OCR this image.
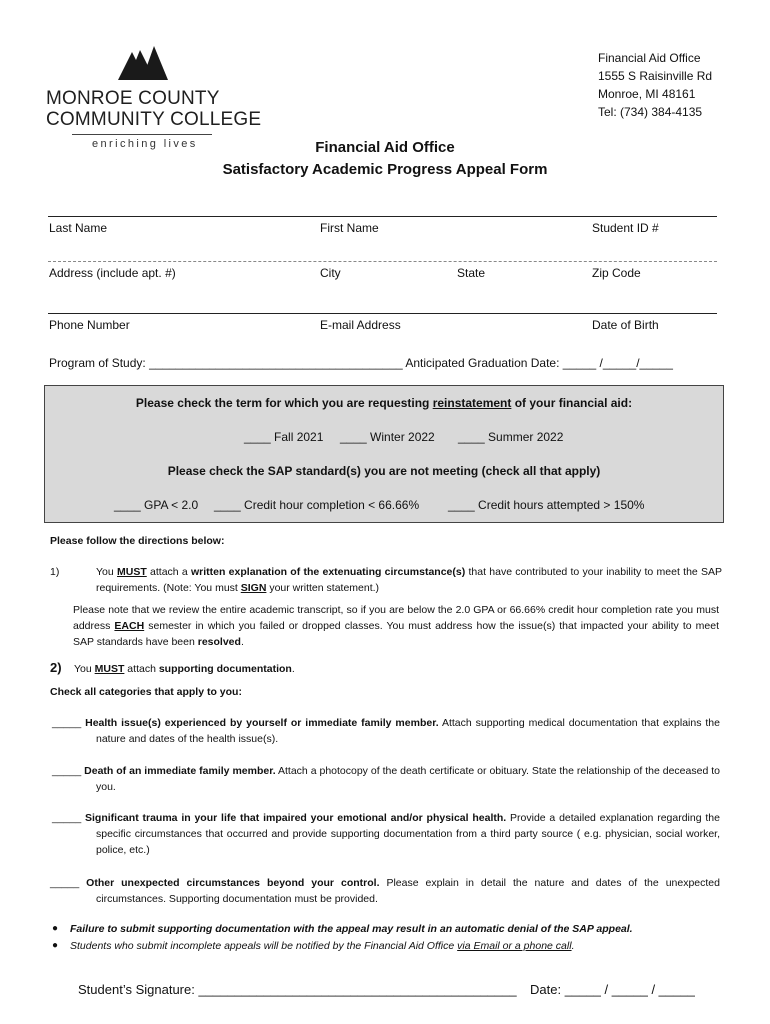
MONROE COUNTY
COMMUNITY COLLEGE
enriching lives
Financial Aid Office
1555 S Raisinville Rd
Monroe, MI 48161
Tel: (734) 384-4135
Financial Aid Office
Satisfactory Academic Progress Appeal Form
Last Name	First Name	Student ID #
Address (include apt. #)	City	State	Zip Code
Phone Number	E-mail Address	Date of Birth
Program of Study: ______________________________________ Anticipated Graduation Date: _____ /_____/_____
Please check the term for which you are requesting reinstatement of your financial aid:
____ Fall 2021 ____ Winter 2022 ____ Summer 2022
Please check the SAP standard(s) you are not meeting (check all that apply)
____ GPA < 2.0 ____ Credit hour completion < 66.66% ____ Credit hours attempted > 150%
Please follow the directions below:
1)	You MUST attach a written explanation of the extenuating circumstance(s) that have contributed to your inability to meet the SAP requirements. (Note: You must SIGN your written statement.)
Please note that we review the entire academic transcript, so if you are below the 2.0 GPA or 66.66% credit hour completion rate you must address EACH semester in which you failed or dropped classes. You must address how the issue(s) that impacted your ability to meet SAP standards have been resolved.
2) You MUST attach supporting documentation.
Check all categories that apply to you:
_____ Health issue(s) experienced by yourself or immediate family member. Attach supporting medical documentation that explains the nature and dates of the health issue(s).
_____ Death of an immediate family member. Attach a photocopy of the death certificate or obituary. State the relationship of the deceased to you.
_____ Significant trauma in your life that impaired your emotional and/or physical health. Provide a detailed explanation regarding the specific circumstances that occurred and provide supporting documentation from a third party source ( e.g. physician, social worker, police, etc.)
_____ Other unexpected circumstances beyond your control. Please explain in detail the nature and dates of the unexpected circumstances. Supporting documentation must be provided.
● Failure to submit supporting documentation with the appeal may result in an automatic denial of the SAP appeal.
● Students who submit incomplete appeals will be notified by the Financial Aid Office via Email or a phone call.
Student’s Signature: ____________________________________________ Date: _____ / _____ / _____
